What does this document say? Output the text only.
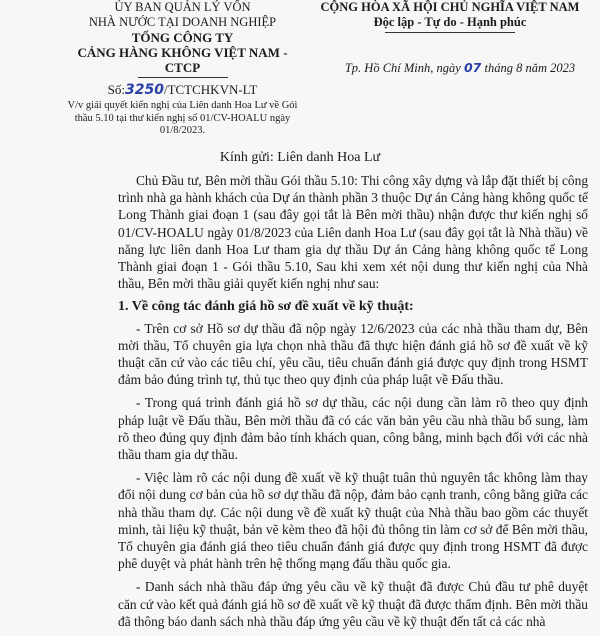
ỦY BAN QUẢN LÝ VỐN
NHÀ NƯỚC TẠI DOANH NGHIỆP
TỔNG CÔNG TY
CẢNG HÀNG KHÔNG VIỆT NAM - CTCP
Số:3250/TCTCHKVN-LT
V/v giải quyết kiến nghị của Liên danh Hoa Lư về Gói thầu 5.10 tại thư kiến nghị số 01/CV-HOALU ngày 01/8/2023.
CỘNG HÒA XÃ HỘI CHỦ NGHĨA VIỆT NAM
Độc lập - Tự do - Hạnh phúc
Tp. Hồ Chí Minh, ngày 07 tháng 8 năm 2023
Kính gửi: Liên danh Hoa Lư

Chủ Đầu tư, Bên mời thầu Gói thầu 5.10: Thi công xây dựng và lắp đặt thiết bị công trình nhà ga hành khách của Dự án thành phần 3 thuộc Dự án Cảng hàng không quốc tế Long Thành giai đoạn 1 (sau đây gọi tắt là Bên mời thầu) nhận được thư kiến nghị số 01/CV-HOALU ngày 01/8/2023 của Liên danh Hoa Lư (sau đây gọi tắt là Nhà thầu) về năng lực liên danh Hoa Lư tham gia dự thầu Dự án Cảng hàng không quốc tế Long Thành giai đoạn 1 - Gói thầu 5.10, Sau khi xem xét nội dung thư kiến nghị của Nhà thầu, Bên mời thầu giải quyết kiến nghị như sau:

1. Về công tác đánh giá hồ sơ đề xuất về kỹ thuật:

- Trên cơ sở Hồ sơ dự thầu đã nộp ngày 12/6/2023 của các nhà thầu tham dự, Bên mời thầu, Tổ chuyên gia lựa chọn nhà thầu đã thực hiện đánh giá hồ sơ đề xuất về kỹ thuật căn cứ vào các tiêu chí, yêu cầu, tiêu chuẩn đánh giá được quy định trong HSMT đảm bảo đúng trình tự, thủ tục theo quy định của pháp luật về Đấu thầu.

- Trong quá trình đánh giá hồ sơ dự thầu, các nội dung cần làm rõ theo quy định pháp luật về Đấu thầu, Bên mời thầu đã có các văn bản yêu cầu nhà thầu bổ sung, làm rõ theo đúng quy định đảm bảo tính khách quan, công bằng, minh bạch đối với các nhà thầu tham gia dự thầu.

- Việc làm rõ các nội dung đề xuất về kỹ thuật tuân thủ nguyên tắc không làm thay đổi nội dung cơ bản của hồ sơ dự thầu đã nộp, đảm bảo cạnh tranh, công bằng giữa các nhà thầu tham dự. Các nội dung về đề xuất kỹ thuật của Nhà thầu bao gồm các thuyết minh, tài liệu kỹ thuật, bản vẽ kèm theo đã hội đủ thông tin làm cơ sở để Bên mời thầu, Tổ chuyên gia đánh giá theo tiêu chuẩn đánh giá được quy định trong HSMT đã được phê duyệt và phát hành trên hệ thống mạng đấu thầu quốc gia.

- Danh sách nhà thầu đáp ứng yêu cầu về kỹ thuật đã được Chủ đầu tư phê duyệt căn cứ vào kết quả đánh giá hồ sơ đề xuất về kỹ thuật đã được thẩm định. Bên mời thầu đã thông báo danh sách nhà thầu đáp ứng yêu cầu về kỹ thuật đến tất cả các nhà
